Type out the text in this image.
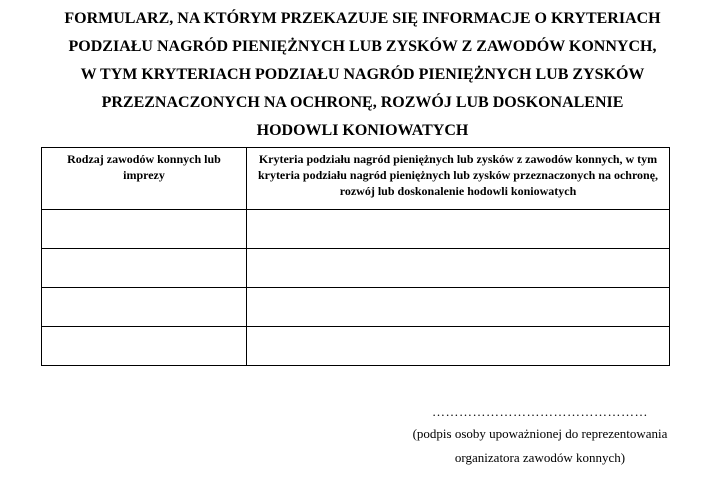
FORMULARZ, NA KTÓRYM PRZEKAZUJE SIĘ INFORMACJE O KRYTERIACH
PODZIAŁU NAGRÓD PIENIĘŻNYCH LUB ZYSKÓW Z ZAWODÓW KONNYCH,
W TYM KRYTERIACH PODZIAŁU NAGRÓD PIENIĘŻNYCH LUB ZYSKÓW
PRZEZNACZONYCH NA OCHRONĘ, ROZWÓJ LUB DOSKONALENIE
HODOWLI KONIOWATYCH
Rodzaj zawodów konnych lub imprezy	Kryteria podziału nagród pieniężnych lub zysków z zawodów konnych, w tym kryteria podziału nagród pieniężnych lub zysków przeznaczonych na ochronę, rozwój lub doskonalenie hodowli koniowatych

…………………………………………
(podpis osoby upoważnionej do reprezentowania
organizatora zawodów konnych)
